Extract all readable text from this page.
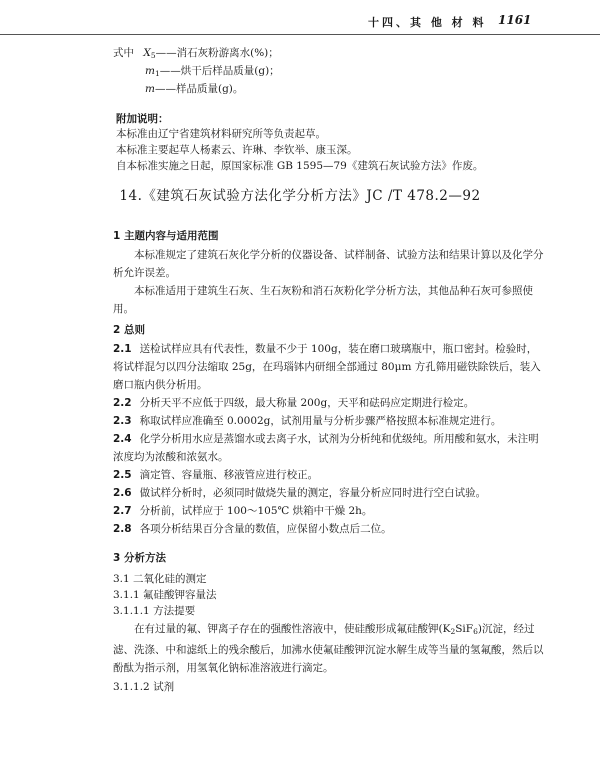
十四、其 他 材 料 1161
式中 $X_5——$消石灰粉游离水(%)；
$m_1——$烘干后样品质量(g)；
m——样品质量(g)。
附加说明：
本标准由辽宁省建筑材料研究所等负责起草。
本标准主要起草人杨素云、许琳、李钦举、康玉深。
自本标准实施之日起，原国家标准 GB 1595—79《建筑石灰试验方法》作废。
14.《建筑石灰试验方法化学分析方法》JC /T 478.2—92
1 主题内容与适用范围
本标准规定了建筑石灰化学分析的仪器设备、试样制备、试验方法和结果计算以及化学分析允许误差。
本标准适用于建筑生石灰、生石灰粉和消石灰粉化学分析方法，其他品种石灰可参照使用。
2 总则
2.1 送检试样应具有代表性，数量不少于 100g，装在磨口玻璃瓶中，瓶口密封。检验时，将试样混匀以四分法缩取 25g，在玛瑙钵内研细全部通过 80μm 方孔筛用磁铁除铁后，装入磨口瓶内供分析用。
2.2 分析天平不应低于四级，最大称量 200g，天平和砝码应定期进行检定。
2.3 称取试样应准确至 0.0002g，试剂用量与分析步骤严格按照本标准规定进行。
2.4 化学分析用水应是蒸馏水或去离子水，试剂为分析纯和优级纯。所用酸和氨水，未注明浓度均为浓酸和浓氨水。
2.5 滴定管、容量瓶、移液管应进行校正。
2.6 做试样分析时，必须同时做烧失量的测定，容量分析应同时进行空白试验。
2.7 分析前，试样应于 100～105℃ 烘箱中干燥 2h。
2.8 各项分析结果百分含量的数值，应保留小数点后二位。
3 分析方法
3.1 二氧化硅的测定
3.1.1 氟硅酸钾容量法
3.1.1.1 方法提要
在有过量的氟、钾离子存在的强酸性溶液中，使硅酸形成氟硅酸钾$(K_2SiF_6)$沉淀，经过滤、洗涤、中和滤纸上的残余酸后，加沸水使氟硅酸钾沉淀水解生成等当量的氢氟酸，然后以酚酞为指示剂，用氢氧化钠标准溶液进行滴定。
3.1.1.2 试剂
